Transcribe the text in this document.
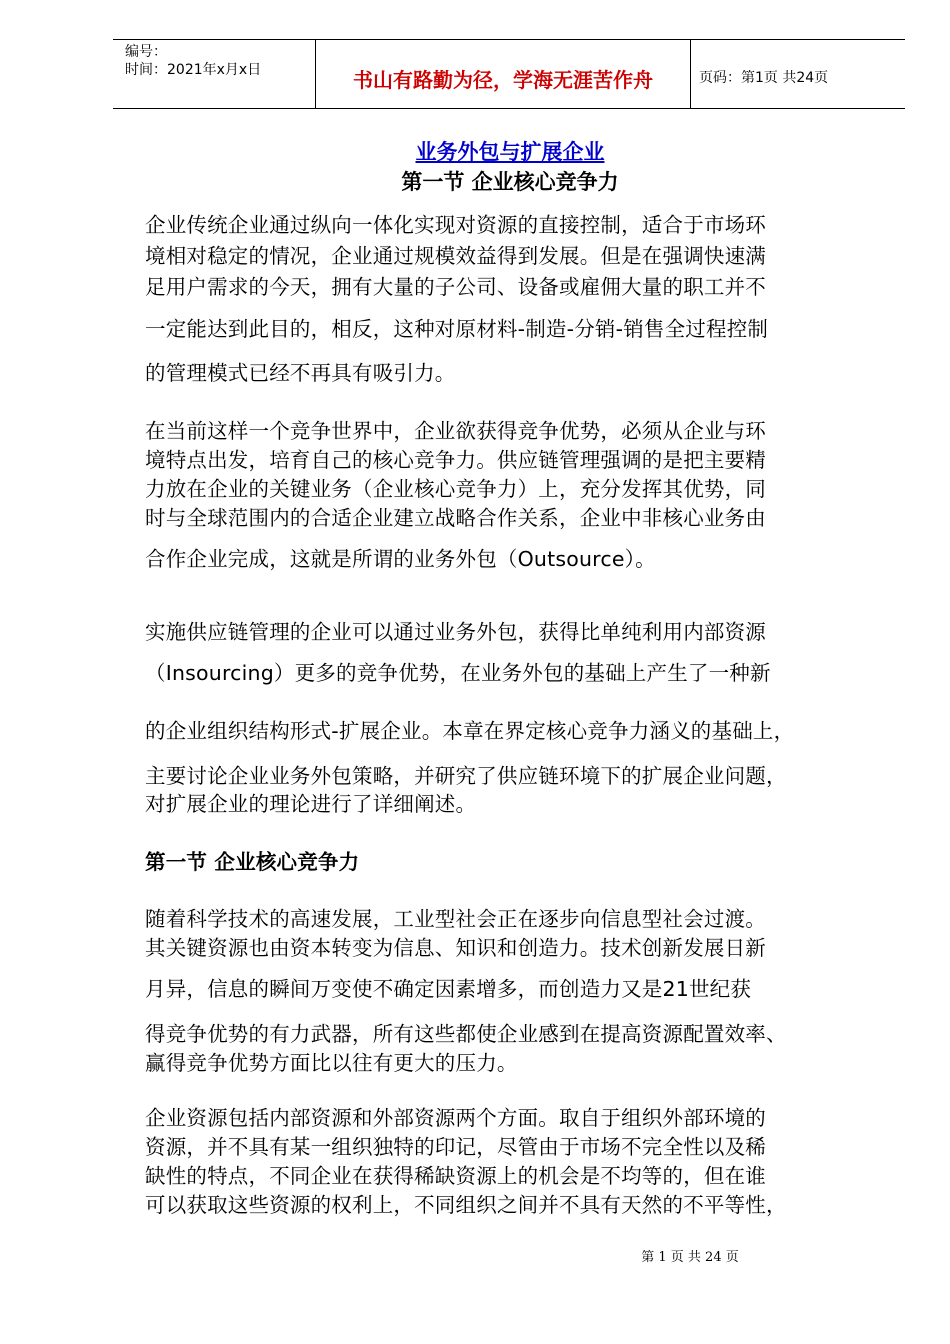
编号：
时间：2021年x月x日	书山有路勤为径，学海无涯苦作舟	页码：第1页 共24页
业务外包与扩展企业
第一节 企业核心竞争力
企业传统企业通过纵向一体化实现对资源的直接控制，适合于市场环
境相对稳定的情况，企业通过规模效益得到发展。但是在强调快速满
足用户需求的今天，拥有大量的子公司、设备或雇佣大量的职工并不
一定能达到此目的，相反，这种对原材料-制造-分销-销售全过程控制
的管理模式已经不再具有吸引力。
在当前这样一个竞争世界中，企业欲获得竞争优势，必须从企业与环
境特点出发，培育自己的核心竞争力。供应链管理强调的是把主要精
力放在企业的关键业务（企业核心竞争力）上，充分发挥其优势，同
时与全球范围内的合适企业建立战略合作关系，企业中非核心业务由
合作企业完成，这就是所谓的业务外包（Outsource）。
实施供应链管理的企业可以通过业务外包，获得比单纯利用内部资源
（Insourcing）更多的竞争优势，在业务外包的基础上产生了一种新
的企业组织结构形式-扩展企业。本章在界定核心竞争力涵义的基础上，
主要讨论企业业务外包策略，并研究了供应链环境下的扩展企业问题，
对扩展企业的理论进行了详细阐述。
第一节 企业核心竞争力
随着科学技术的高速发展，工业型社会正在逐步向信息型社会过渡。
其关键资源也由资本转变为信息、知识和创造力。技术创新发展日新
月异，信息的瞬间万变使不确定因素增多，而创造力又是21世纪获
得竞争优势的有力武器，所有这些都使企业感到在提高资源配置效率、
赢得竞争优势方面比以往有更大的压力。
企业资源包括内部资源和外部资源两个方面。取自于组织外部环境的
资源，并不具有某一组织独特的印记，尽管由于市场不完全性以及稀
缺性的特点，不同企业在获得稀缺资源上的机会是不均等的，但在谁
可以获取这些资源的权利上，不同组织之间并不具有天然的不平等性，
第 1 页 共 24 页
